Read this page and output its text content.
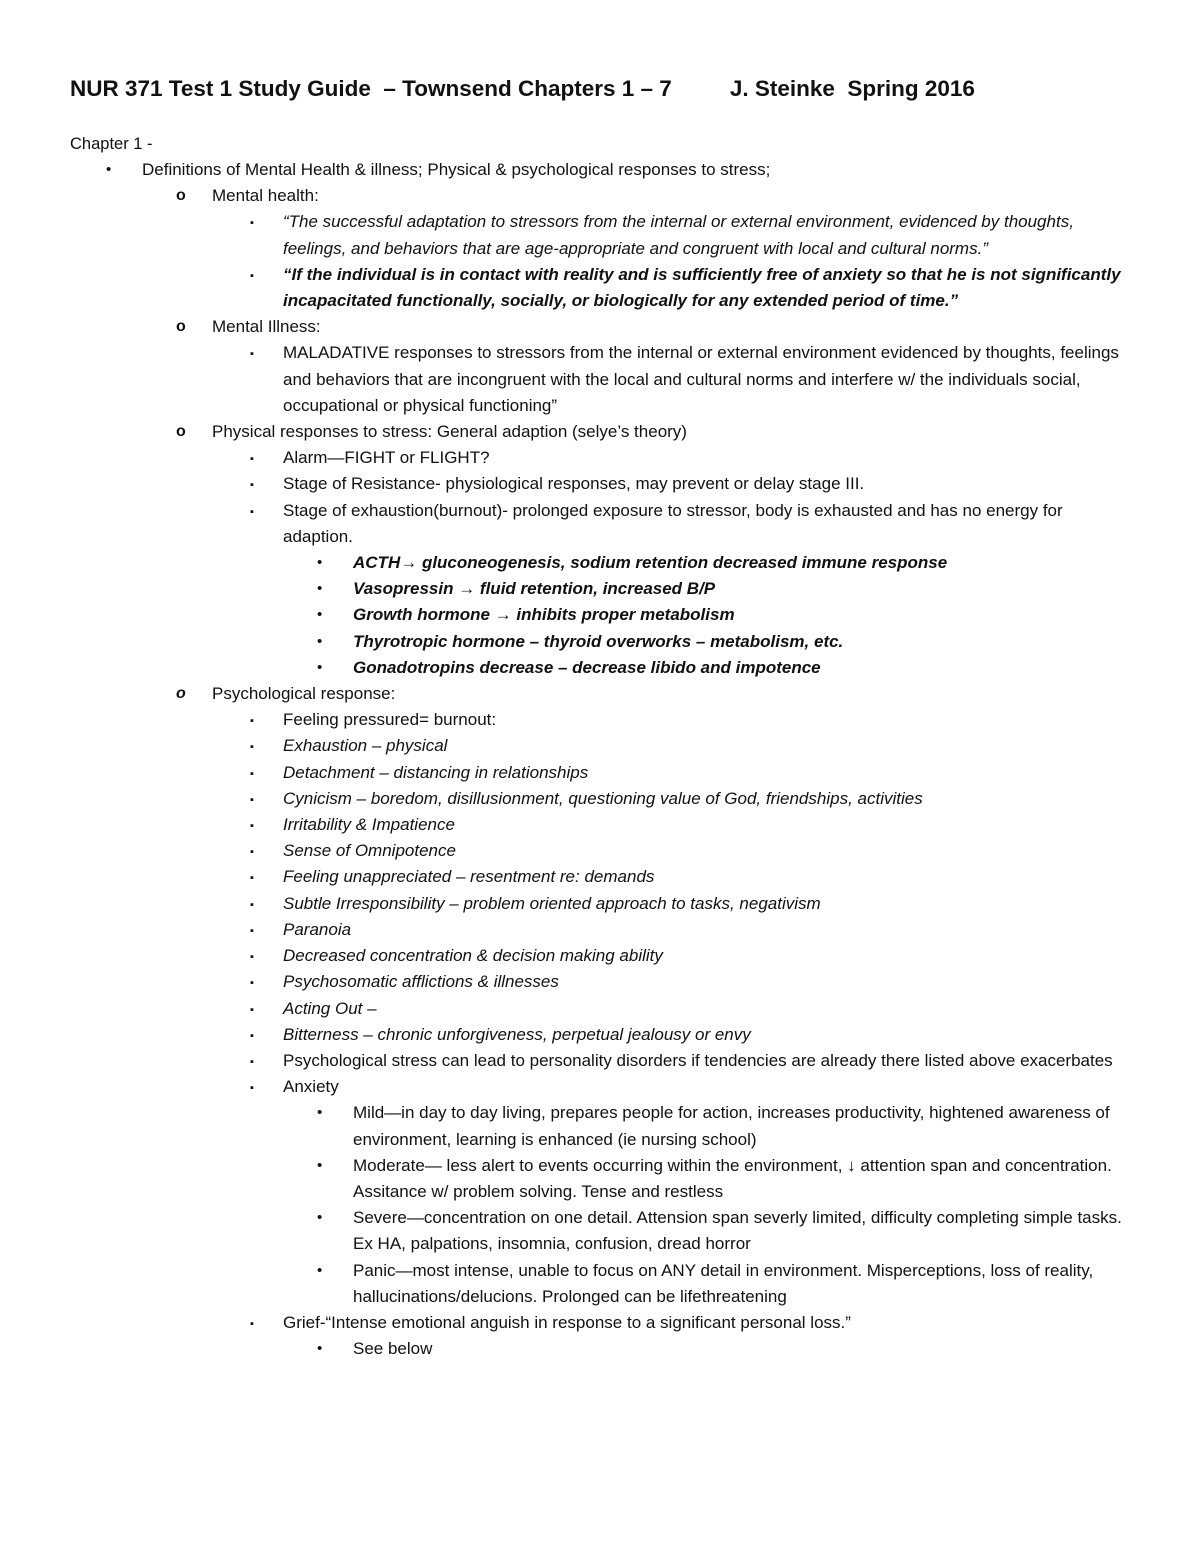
NUR 371 Test 1 Study Guide  – Townsend Chapters 1 – 7	J. Steinke  Spring 2016
Chapter 1 -
• Definitions of Mental Health & illness; Physical & psychological responses to stress;
o Mental health:
▪ “The successful adaptation to stressors from the internal or external environment, evidenced by thoughts, feelings, and behaviors that are age-appropriate and congruent with local and cultural norms.”
▪ “If the individual is in contact with reality and is sufficiently free of anxiety so that he is not significantly incapacitated functionally, socially, or biologically for any extended period of time.”
o Mental Illness:
▪ MALADATIVE responses to stressors from the internal or external environment evidenced by thoughts, feelings and behaviors that are incongruent with the local and cultural norms and interfere w/ the individuals social, occupational or physical functioning”
o Physical responses to stress: General adaption (selye’s theory)
▪ Alarm—FIGHT or FLIGHT?
▪ Stage of Resistance- physiological responses, may prevent or delay stage III.
▪ Stage of exhaustion(burnout)- prolonged exposure to stressor, body is exhausted and has no energy for adaption.
• ACTH→ gluconeogenesis, sodium retention decreased immune response
• Vasopressin → fluid retention, increased B/P
• Growth hormone → inhibits proper metabolism
• Thyrotropic hormone – thyroid overworks – metabolism, etc.
• Gonadotropins decrease – decrease libido and impotence
o Psychological response:
▪ Feeling pressured= burnout:
▪ Exhaustion – physical
▪ Detachment – distancing in relationships
▪ Cynicism – boredom, disillusionment, questioning value of God, friendships, activities
▪ Irritability & Impatience
▪ Sense of Omnipotence
▪ Feeling unappreciated – resentment re: demands
▪ Subtle Irresponsibility – problem oriented approach to tasks, negativism
▪ Paranoia
▪ Decreased concentration & decision making ability
▪ Psychosomatic afflictions & illnesses
▪ Acting Out –
▪ Bitterness – chronic unforgiveness, perpetual jealousy or envy
▪ Psychological stress can lead to personality disorders if tendencies are already there listed above exacerbates
▪ Anxiety
• Mild—in day to day living, prepares people for action, increases productivity, hightened awareness of environment, learning is enhanced (ie nursing school)
• Moderate— less alert to events occurring within the environment, ↓ attention span and concentration. Assitance w/ problem solving. Tense and restless
• Severe—concentration on one detail. Attension span severly limited, difficulty completing simple tasks. Ex HA, palpations, insomnia, confusion, dread horror
• Panic—most intense, unable to focus on ANY detail in environment. Misperceptions, loss of reality, hallucinations/delucions. Prolonged can be lifethreatening
▪ Grief-“Intense emotional anguish in response to a significant personal loss.”
• See below
